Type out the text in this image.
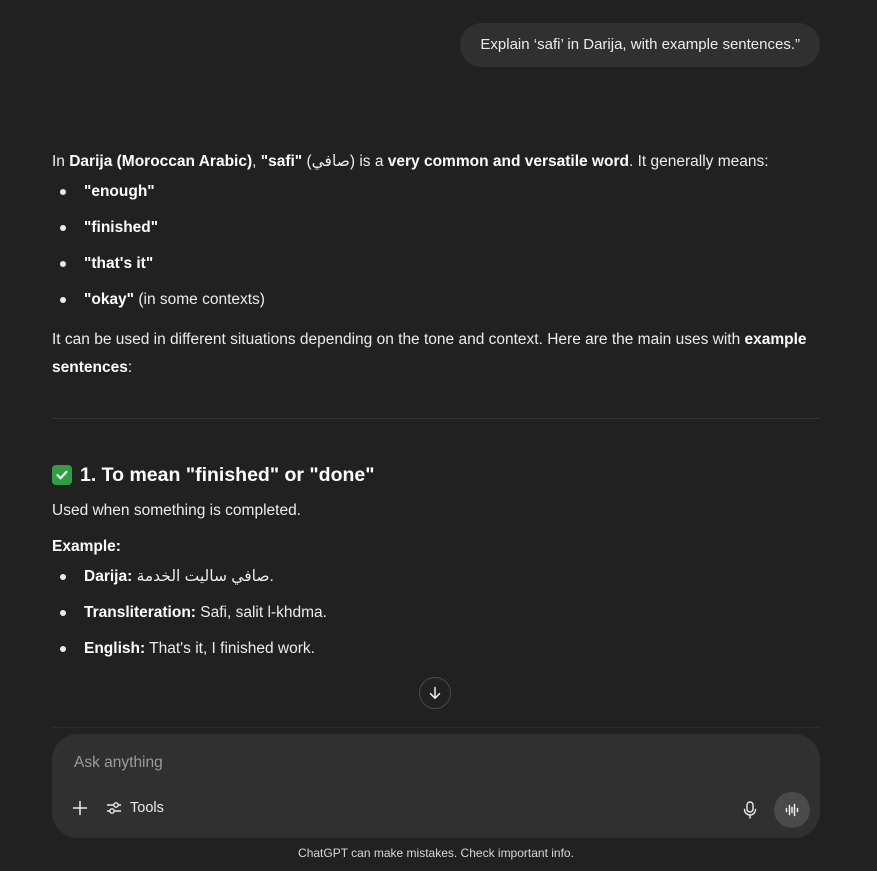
Explain ‘safi’ in Darija, with example sentences.”

In Darija (Moroccan Arabic), "safi" (صافي) is a very common and versatile word. It generally means:

"enough"
"finished"
"that's it"
"okay" (in some contexts)

It can be used in different situations depending on the tone and context. Here are the main uses with example sentences:

1. To mean "finished" or "done"

Used when something is completed.

Example:

Darija: صافي ساليت الخدمة.
Transliteration: Safi, salit l-khdma.
English: That's it, I finished work.
Ask anything
Tools
ChatGPT can make mistakes. Check important info.
